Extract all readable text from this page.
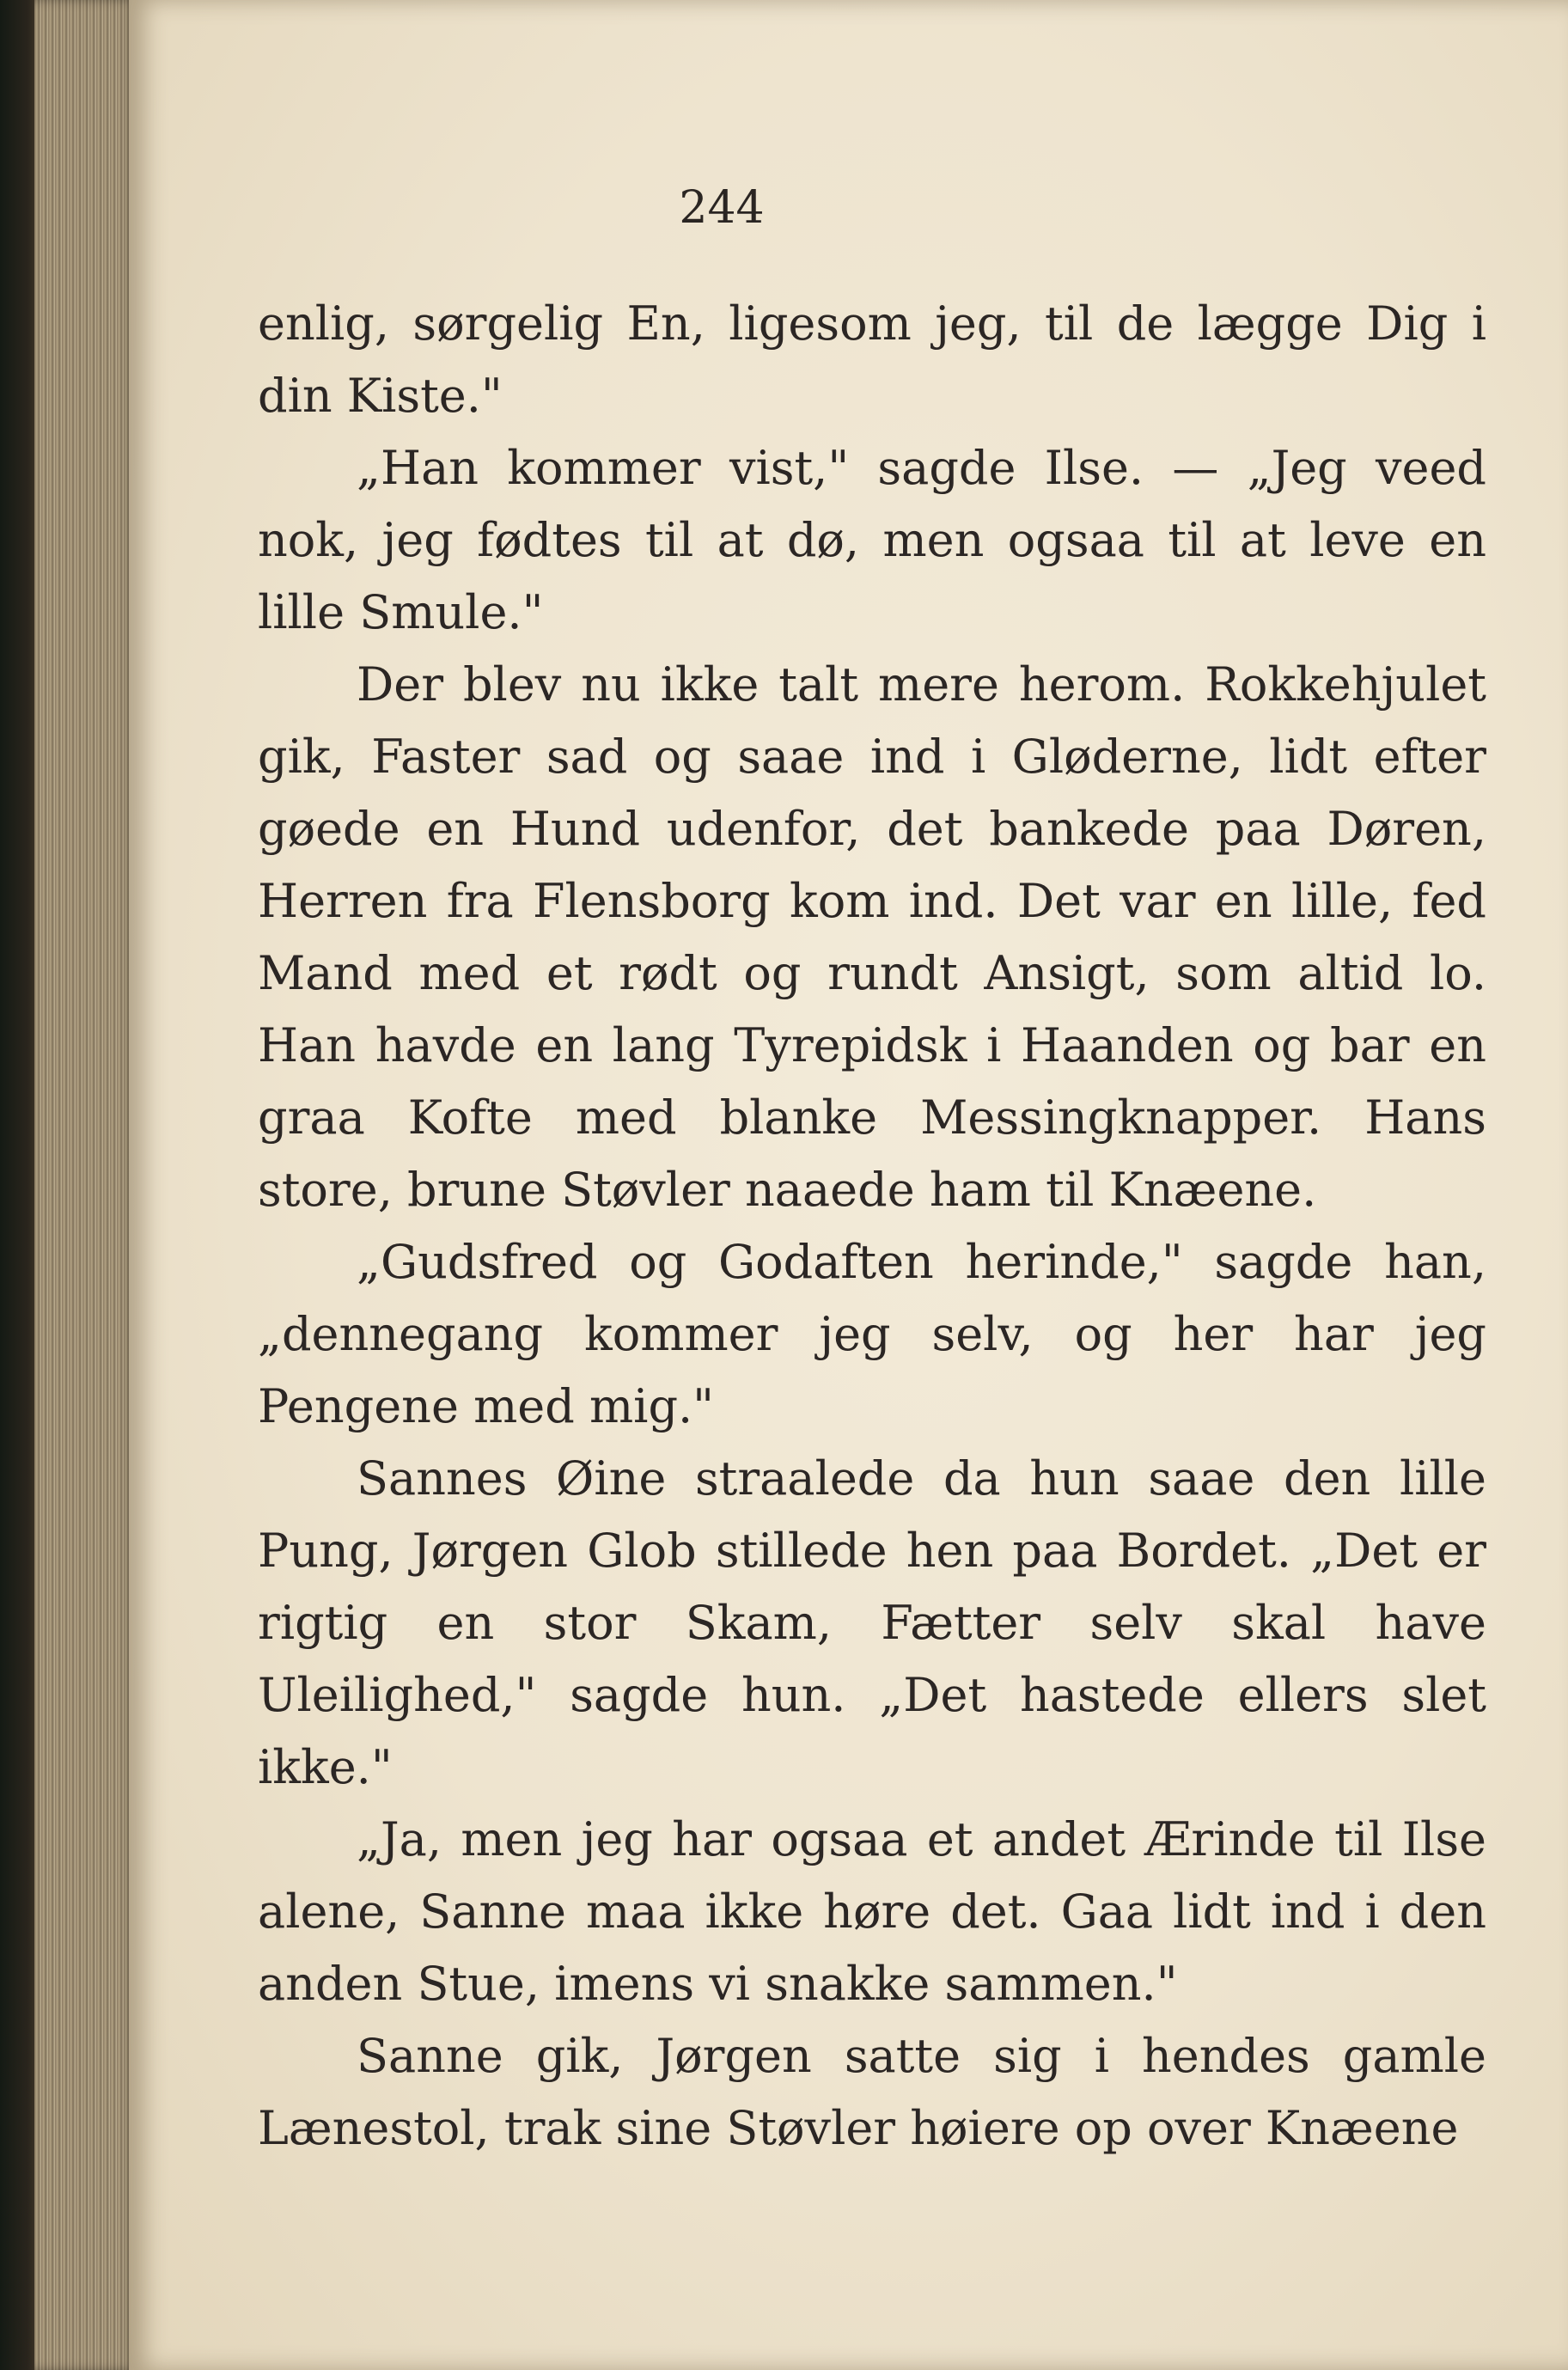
244

enlig, sørgelig En, ligesom jeg, til de lægge Dig i din Kiste."

„Han kommer vist," sagde Ilse. — „Jeg veed nok, jeg fødtes til at dø, men ogsaa til at leve en lille Smule."

Der blev nu ikke talt mere herom. Rokkehjulet gik, Faster sad og saae ind i Gløderne, lidt efter gøede en Hund udenfor, det bankede paa Døren, Herren fra Flensborg kom ind. Det var en lille, fed Mand med et rødt og rundt Ansigt, som altid lo. Han havde en lang Tyrepidsk i Haanden og bar en graa Kofte med blanke Messingknapper. Hans store, brune Støvler naaede ham til Knæene.

„Gudsfred og Godaften herinde," sagde han, „dennegang kommer jeg selv, og her har jeg Pengene med mig."

Sannes Øine straalede da hun saae den lille Pung, Jørgen Glob stillede hen paa Bordet. „Det er rigtig en stor Skam, Fætter selv skal have Uleilighed," sagde hun. „Det hastede ellers slet ikke."

„Ja, men jeg har ogsaa et andet Ærinde til Ilse alene, Sanne maa ikke høre det. Gaa lidt ind i den anden Stue, imens vi snakke sammen."

Sanne gik, Jørgen satte sig i hendes gamle Lænestol, trak sine Støvler høiere op over Knæene
